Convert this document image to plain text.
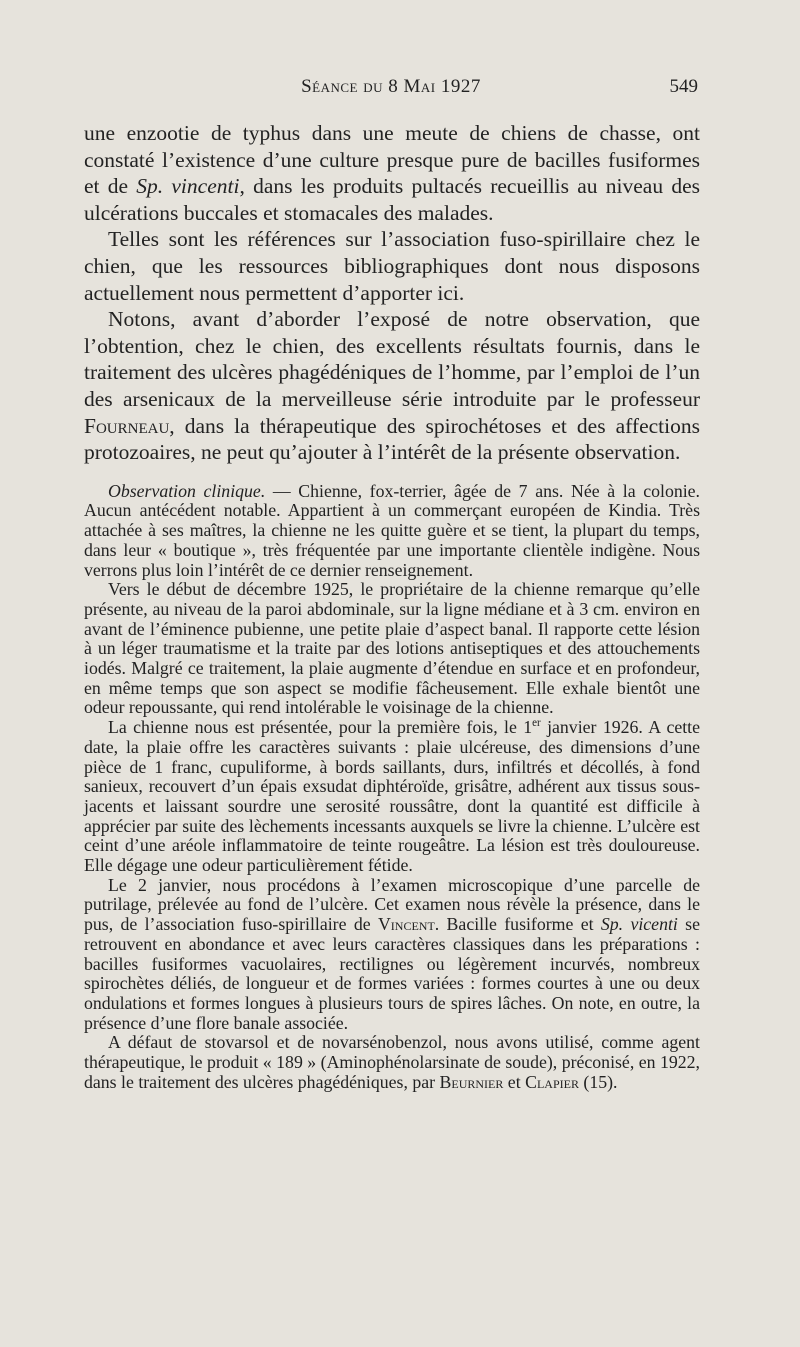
Séance du 8 Mai 1927	549

une enzootie de typhus dans une meute de chiens de chasse, ont constaté l’existence d’une culture presque pure de bacilles fusiformes et de Sp. vincenti, dans les produits pultacés recueillis au niveau des ulcérations buccales et stomacales des malades.

Telles sont les références sur l’association fuso-spirillaire chez le chien, que les ressources bibliographiques dont nous disposons actuellement nous permettent d’apporter ici.

Notons, avant d’aborder l’exposé de notre observation, que l’obtention, chez le chien, des excellents résultats fournis, dans le traitement des ulcères phagédéniques de l’homme, par l’emploi de l’un des arsenicaux de la merveilleuse série introduite par le professeur Fourneau, dans la thérapeutique des spirochétoses et des affections protozoaires, ne peut qu’ajouter à l’intérêt de la présente observation.

Observation clinique. — Chienne, fox-terrier, âgée de 7 ans. Née à la colonie. Aucun antécédent notable. Appartient à un commerçant européen de Kindia. Très attachée à ses maîtres, la chienne ne les quitte guère et se tient, la plupart du temps, dans leur « boutique », très fréquentée par une importante clientèle indigène. Nous verrons plus loin l’intérêt de ce dernier renseignement.

Vers le début de décembre 1925, le propriétaire de la chienne remarque qu’elle présente, au niveau de la paroi abdominale, sur la ligne médiane et à 3 cm. environ en avant de l’éminence pubienne, une petite plaie d’aspect banal. Il rapporte cette lésion à un léger traumatisme et la traite par des lotions antiseptiques et des attouchements iodés. Malgré ce traitement, la plaie augmente d’étendue en surface et en profondeur, en même temps que son aspect se modifie fâcheusement. Elle exhale bientôt une odeur repoussante, qui rend intolérable le voisinage de la chienne.

La chienne nous est présentée, pour la première fois, le 1er janvier 1926. A cette date, la plaie offre les caractères suivants : plaie ulcéreuse, des dimensions d’une pièce de 1 franc, cupuliforme, à bords saillants, durs, infiltrés et décollés, à fond sanieux, recouvert d’un épais exsudat diphtéroïde, grisâtre, adhérent aux tissus sous-jacents et laissant sourdre une serosité roussâtre, dont la quantité est difficile à apprécier par suite des lèchements incessants auxquels se livre la chienne. L’ulcère est ceint d’une aréole inflammatoire de teinte rougeâtre. La lésion est très douloureuse. Elle dégage une odeur particulièrement fétide.

Le 2 janvier, nous procédons à l’examen microscopique d’une parcelle de putrilage, prélevée au fond de l’ulcère. Cet examen nous révèle la présence, dans le pus, de l’association fuso-spirillaire de Vincent. Bacille fusiforme et Sp. vicenti se retrouvent en abondance et avec leurs caractères classiques dans les préparations : bacilles fusiformes vacuolaires, rectilignes ou légèrement incurvés, nombreux spirochètes déliés, de longueur et de formes variées : formes courtes à une ou deux ondulations et formes longues à plusieurs tours de spires lâches. On note, en outre, la présence d’une flore banale associée.

A défaut de stovarsol et de novarsénobenzol, nous avons utilisé, comme agent thérapeutique, le produit « 189 » (Aminophénolarsinate de soude), préconisé, en 1922, dans le traitement des ulcères phagédéniques, par Beurnier et Clapier (15).
